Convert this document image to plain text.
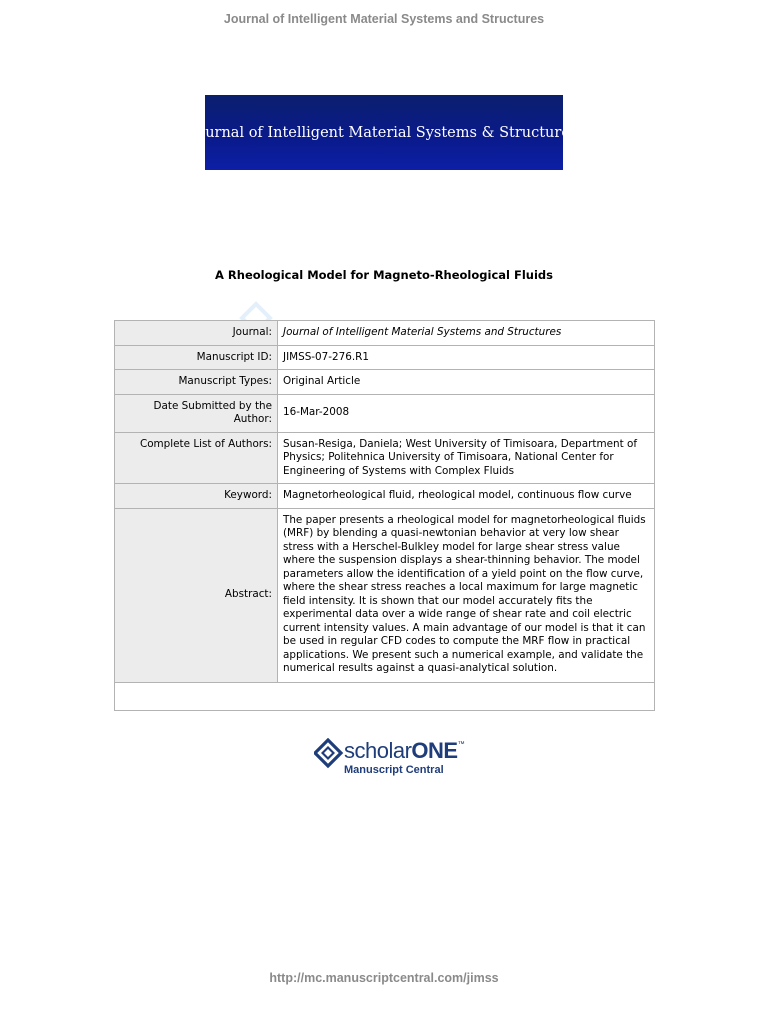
Journal of Intelligent Material Systems and Structures
Journal of Intelligent Material Systems & Structures
A Rheological Model for Magneto-Rheological Fluids
Journal:	Journal of Intelligent Material Systems and Structures
Manuscript ID:	JIMSS-07-276.R1
Manuscript Types:	Original Article
Date Submitted by the Author:	16-Mar-2008
Complete List of Authors:	Susan-Resiga, Daniela; West University of Timisoara, Department of Physics; Politehnica University of Timisoara, National Center for Engineering of Systems with Complex Fluids
Keyword:	Magnetorheological fluid, rheological model, continuous flow curve
Abstract:	The paper presents a rheological model for magnetorheological fluids (MRF) by blending a quasi-newtonian behavior at very low shear stress with a Herschel-Bulkley model for large shear stress value where the suspension displays a shear-thinning behavior. The model parameters allow the identification of a yield point on the flow curve, where the shear stress reaches a local maximum for large magnetic field intensity. It is shown that our model accurately fits the experimental data over a wide range of shear rate and coil electric current intensity values. A main advantage of our model is that it can be used in regular CFD codes to compute the MRF flow in practical applications. We present such a numerical example, and validate the numerical results against a quasi-analytical solution.

scholarONE™
Manuscript Central
http://mc.manuscriptcentral.com/jimss
